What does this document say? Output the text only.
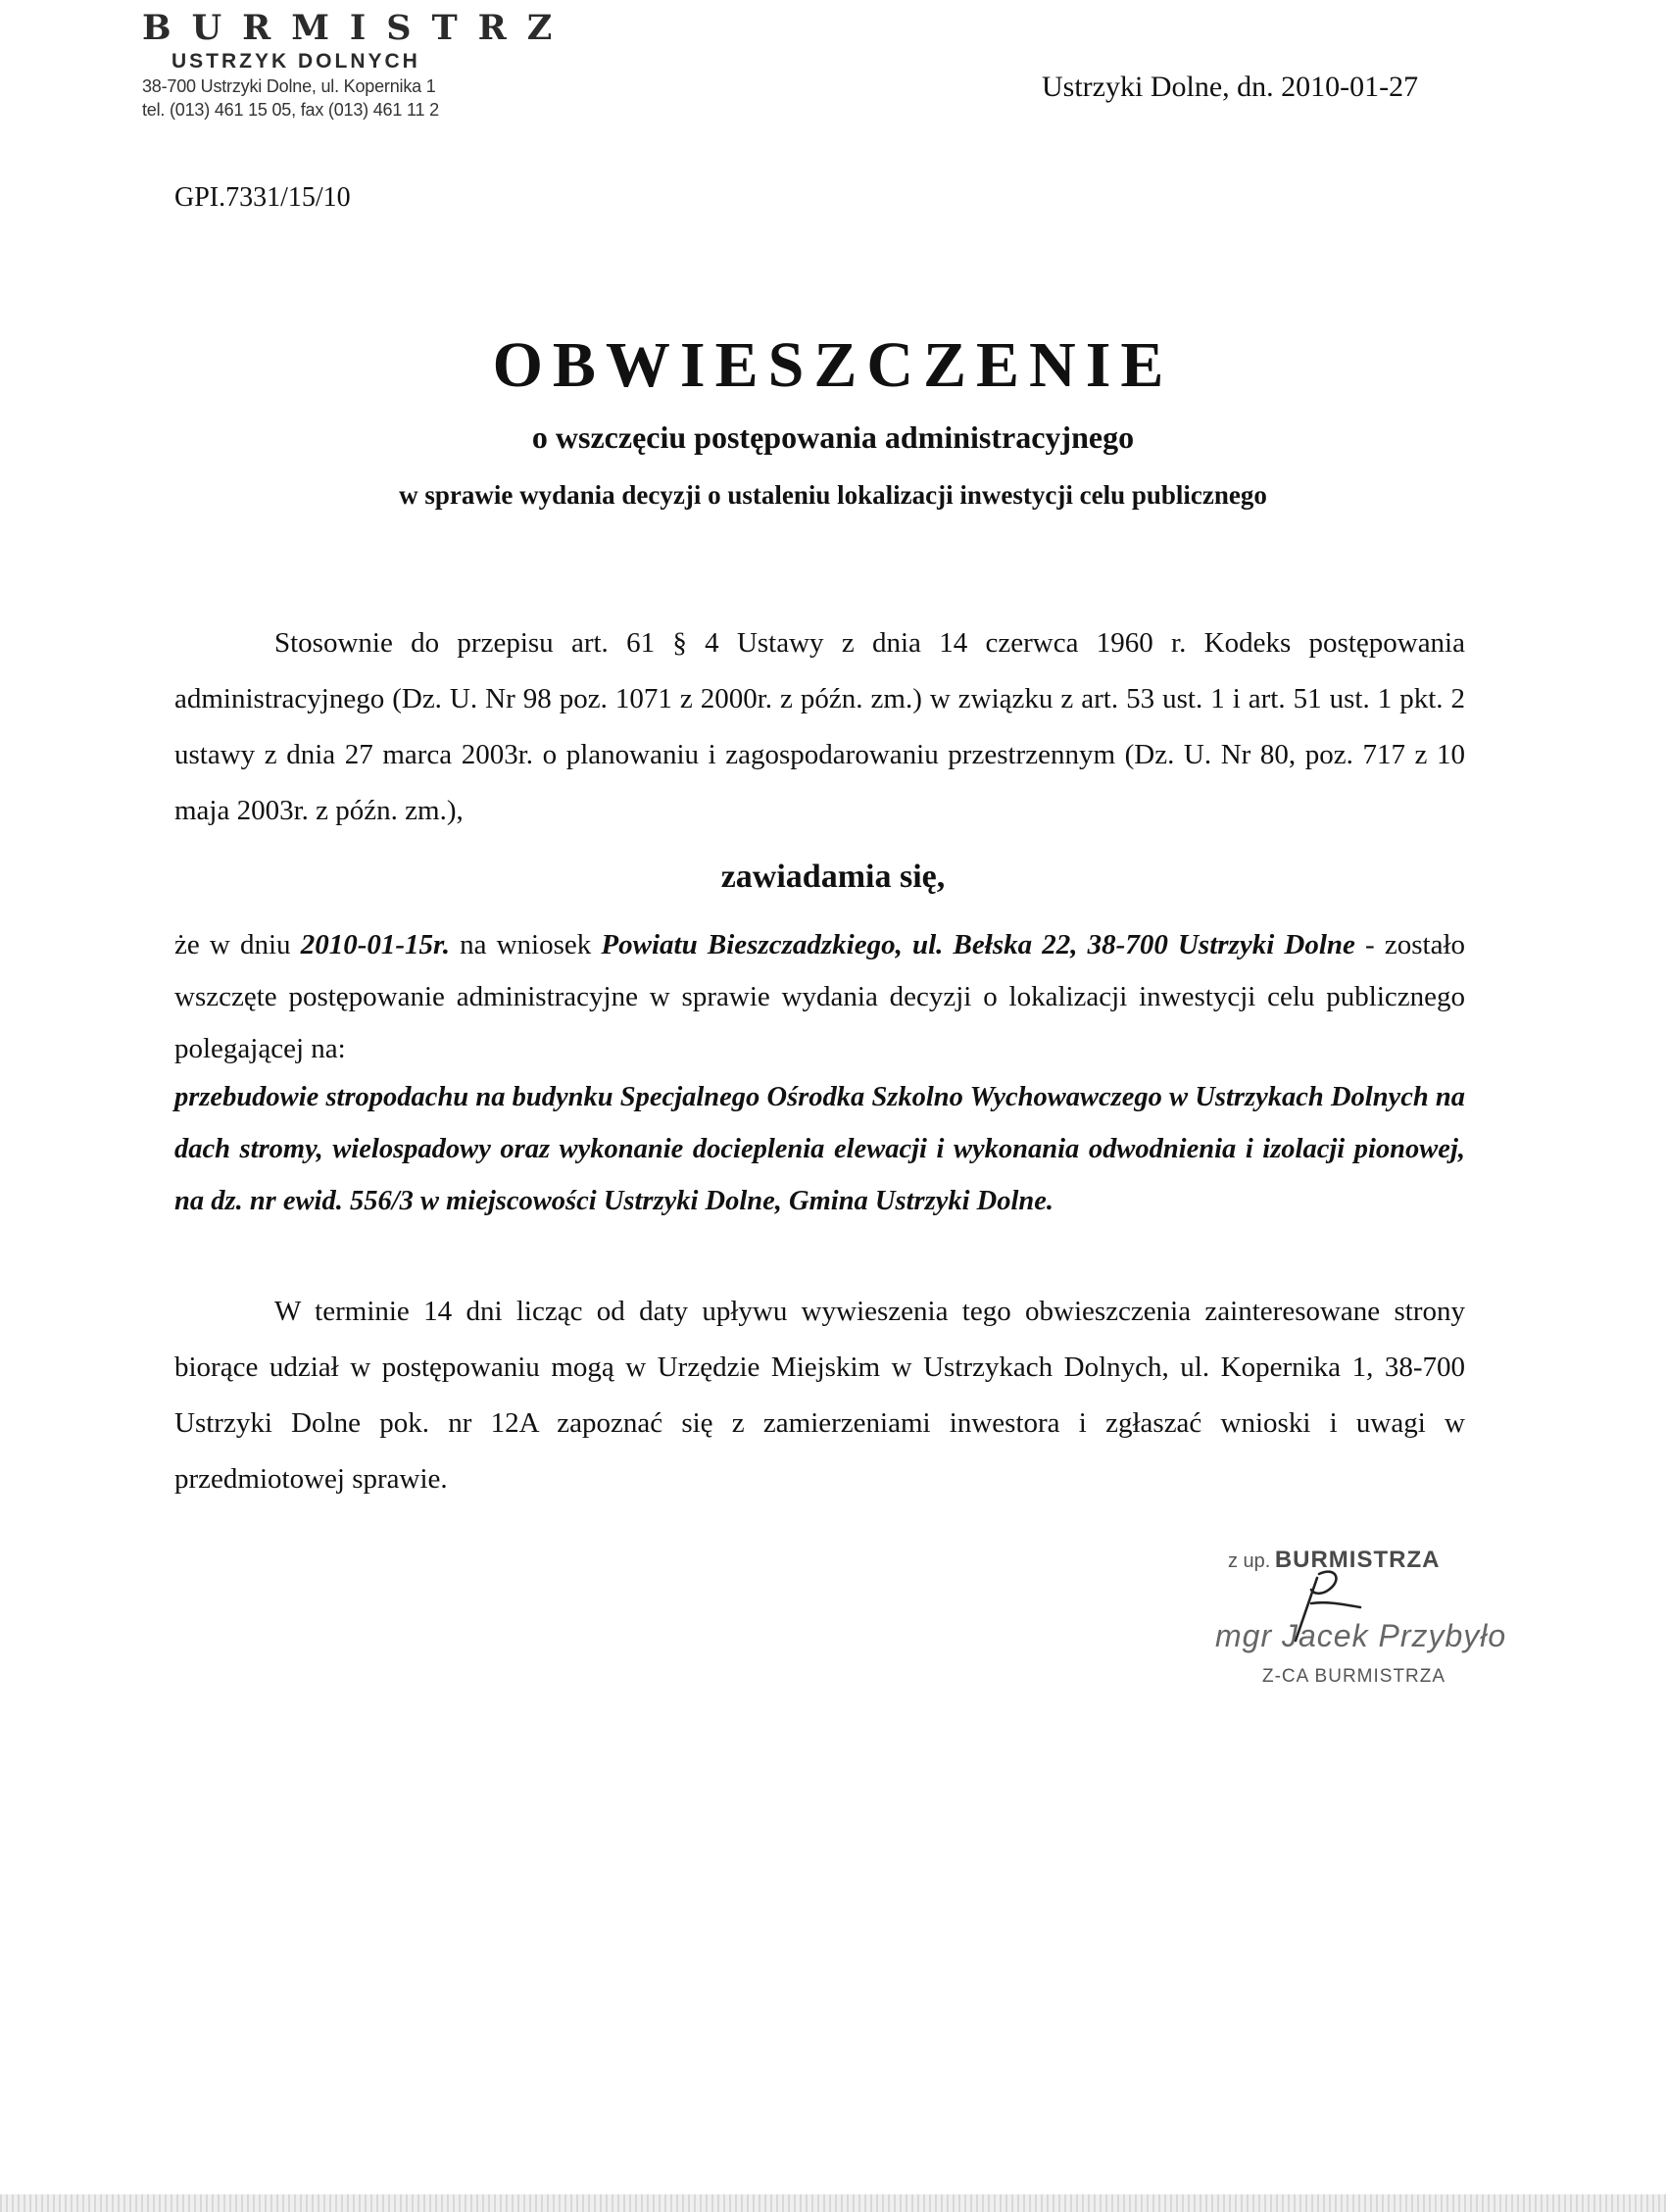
BURMISTRZ
USTRZYK DOLNYCH
38-700 Ustrzyki Dolne, ul. Kopernika 1
tel. (013) 461 15 05, fax (013) 461 11 2
Ustrzyki Dolne, dn. 2010-01-27
GPI.7331/15/10
OBWIESZCZENIE
o wszczęciu postępowania administracyjnego
w sprawie wydania decyzji o ustaleniu lokalizacji inwestycji celu publicznego

Stosownie do przepisu art. 61 § 4 Ustawy z dnia 14 czerwca 1960 r. Kodeks postępowania administracyjnego (Dz. U. Nr 98 poz. 1071 z 2000r. z późn. zm.) w związku z art. 53 ust. 1 i art. 51 ust. 1 pkt. 2 ustawy z dnia 27 marca 2003r. o planowaniu i zagospodarowaniu przestrzennym (Dz. U. Nr 80, poz. 717 z 10 maja 2003r. z późn. zm.),

zawiadamia się,

że w dniu 2010-01-15r. na wniosek Powiatu Bieszczadzkiego, ul. Bełska 22, 38-700 Ustrzyki Dolne - zostało wszczęte postępowanie administracyjne w sprawie wydania decyzji o lokalizacji inwestycji celu publicznego polegającej na:

przebudowie stropodachu na budynku Specjalnego Ośrodka Szkolno Wychowawczego w Ustrzykach Dolnych na dach stromy, wielospadowy oraz wykonanie docieplenia elewacji i wykonania odwodnienia i izolacji pionowej, na dz. nr ewid. 556/3 w miejscowości Ustrzyki Dolne, Gmina Ustrzyki Dolne.

W terminie 14 dni licząc od daty upływu wywieszenia tego obwieszczenia zainteresowane strony biorące udział w postępowaniu mogą w Urzędzie Miejskim w Ustrzykach Dolnych, ul. Kopernika 1, 38-700 Ustrzyki Dolne pok. nr 12A zapoznać się z zamierzeniami inwestora i zgłaszać wnioski i uwagi w przedmiotowej sprawie.

z up. BURMISTRZA
mgr Jacek Przybyło
Z-CA BURMISTRZA
